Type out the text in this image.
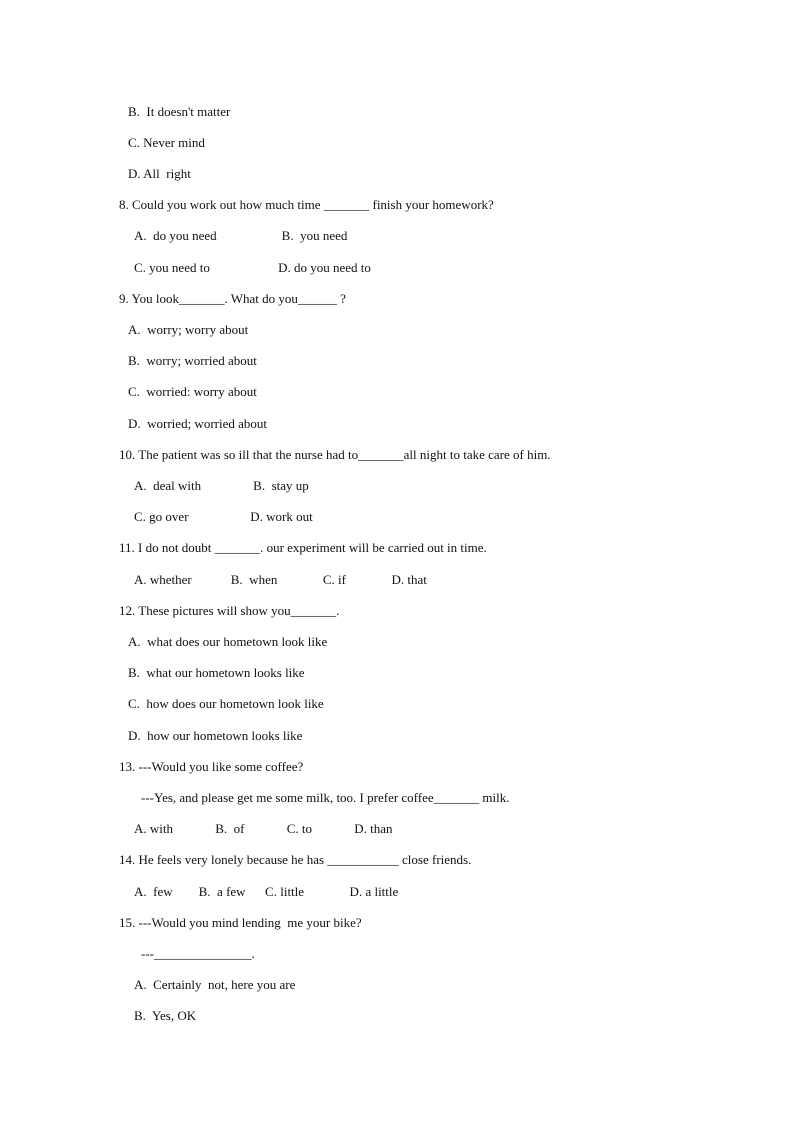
B.  It doesn't matter
C. Never mind
D. All  right
8. Could you work out how much time _______ finish your homework?
A.  do you need                    B.  you need
C. you need to                     D. do you need to
9. You look_______. What do you______ ?
A.  worry; worry about
B.  worry; worried about
C.  worried: worry about
D.  worried; worried about
10. The patient was so ill that the nurse had to_______all night to take care of him.
A.  deal with                B.  stay up
C. go over                   D. work out
11. I do not doubt _______. our experiment will be carried out in time.
A. whether            B.  when              C. if              D. that
12. These pictures will show you_______.
A.  what does our hometown look like
B.  what our hometown looks like
C.  how does our hometown look like
D.  how our hometown looks like
13. ---Would you like some coffee?
---Yes, and please get me some milk, too. I prefer coffee_______ milk.
A. with             B.  of             C. to             D. than
14. He feels very lonely because he has ___________ close friends.
A.  few        B.  a few      C. little              D. a little
15. ---Would you mind lending  me your bike?
---_______________.
A.  Certainly  not, here you are
B.  Yes, OK
